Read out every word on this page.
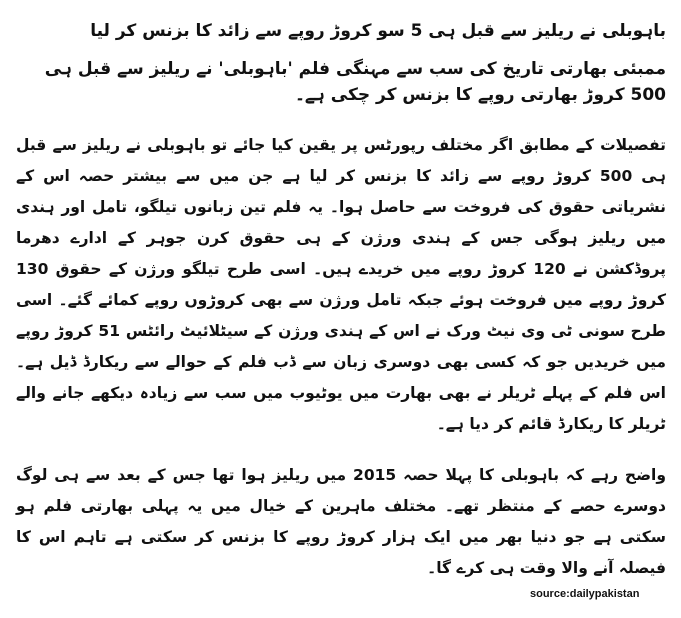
باہوبلی نے ریلیز سے قبل ہی 5 سو کروڑ روپے سے زائد کا بزنس کر لیا
ممبئی بھارتی تاریخ کی سب سے مہنگی فلم 'باہوبلی' نے ریلیز سے قبل ہی 500 کروڑ بھارتی روپے کا بزنس کر چکی ہے۔
تفصیلات کے مطابق اگر مختلف رپورٹس پر یقین کیا جائے تو باہوبلی نے ریلیز سے قبل ہی 500 کروڑ روپے سے زائد کا بزنس کر لیا ہے جن میں سے بیشتر حصہ اس کے نشریاتی حقوق کی فروخت سے حاصل ہوا۔ یہ فلم تین زبانوں تیلگو، تامل اور ہندی میں ریلیز ہوگی جس کے ہندی ورژن کے ہی حقوق کرن جوہر کے ادارے دھرما پروڈکشن نے 120 کروڑ روپے میں خریدے ہیں۔ اسی طرح تیلگو ورژن کے حقوق 130 کروڑ روپے میں فروخت ہوئے جبکہ تامل ورژن سے بھی کروڑوں روپے کمائے گئے۔ اسی طرح سونی ٹی وی نیٹ ورک نے اس کے ہندی ورژن کے سیٹلائیٹ رائٹس 51 کروڑ روپے میں خریدیں جو کہ کسی بھی دوسری زبان سے ڈب فلم کے حوالے سے ریکارڈ ڈیل ہے۔ اس فلم کے پہلے ٹریلر نے بھی بھارت میں یوٹیوب میں سب سے زیادہ دیکھے جانے والے ٹریلر کا ریکارڈ قائم کر دیا ہے۔
واضح رہے کہ باہوبلی کا پہلا حصہ 2015 میں ریلیز ہوا تھا جس کے بعد سے ہی لوگ دوسرے حصے کے منتظر تھے۔ مختلف ماہرین کے خیال میں یہ پہلی بھارتی فلم ہو سکتی ہے جو دنیا بھر میں ایک ہزار کروڑ روپے کا بزنس کر سکتی ہے تاہم اس کا فیصلہ آنے والا وقت ہی کرے گا۔
source:dailypakistan
